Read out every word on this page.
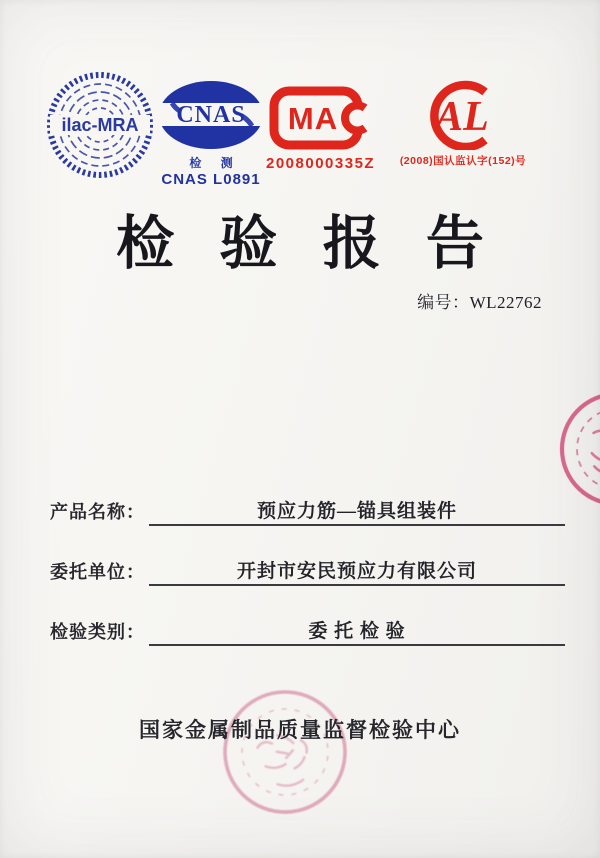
ilac-MRA CNAS
检 测
CNAS L0891
MA
2008000335Z
AL
(2008)国认监认字(152)号
检验报告
编号：WL22762
产品名称：	预应力筋—锚具组装件
委托单位：	开封市安民预应力有限公司
检验类别：	委 托 检 验
国家金属制品质量监督检验中心
